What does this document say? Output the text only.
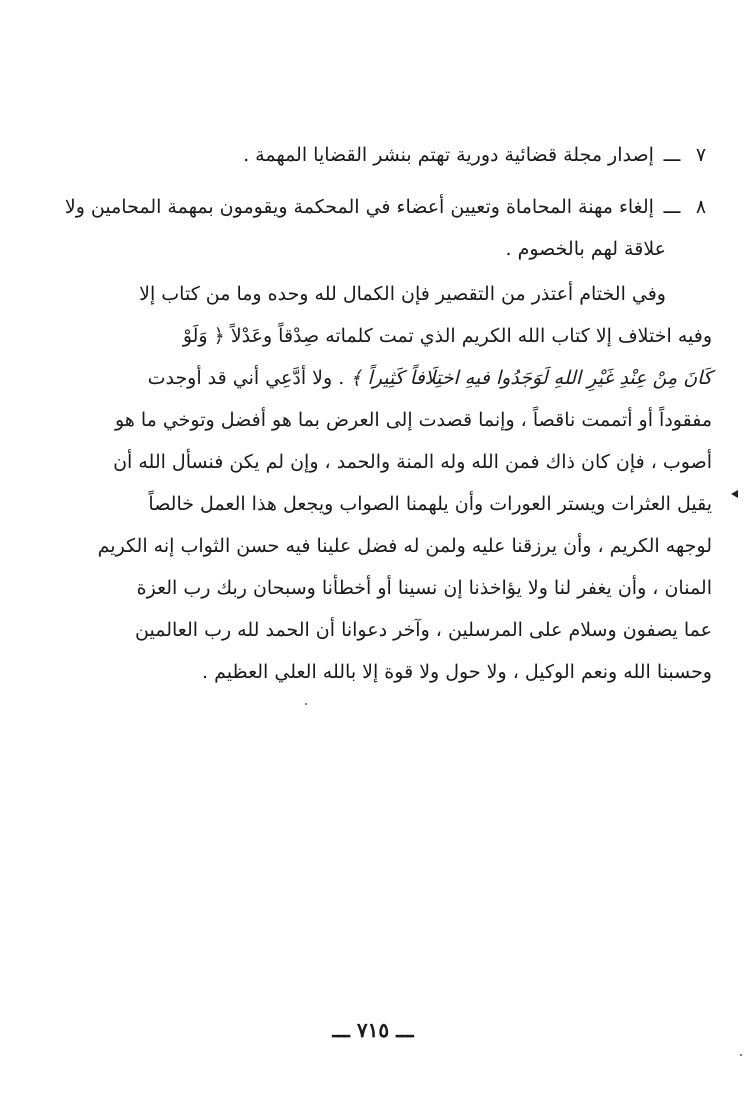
٧ ـــ إصدار مجلة قضائية دورية تهتم بنشر القضايا المهمة .
٨ ـــ إلغاء مهنة المحاماة وتعيين أعضاء في المحكمة ويقومون بمهمة المحامين ولا
علاقة لهم بالخصوم .
وفي الختام أعتذر من التقصير فإن الكمال لله وحده وما من كتاب إلا
وفيه اختلاف إلا كتاب الله الكريم الذي تمت كلماته صِدْقاً وعَدْلاً ﴿ وَلَوْ
كَانَ مِنْ عِنْدِ غَيْرِ اللهِ لَوَجَدُوا فيهِ اختِلَافاً كَثِيراً ﴾ . ولا أدَّعِي أني قد أوجدت
مفقوداً أو أتممت ناقصاً ، وإنما قصدت إلى العرض بما هو أفضل وتوخي ما هو
أصوب ، فإن كان ذاك فمن الله وله المنة والحمد ، وإن لم يكن فنسأل الله أن
يقيل العثرات ويستر العورات وأن يلهمنا الصواب ويجعل هذا العمل خالصاً
لوجهه الكريم ، وأن يرزقنا عليه ولمن له فضل علينا فيه حسن الثواب إنه الكريم
المنان ، وأن يغفر لنا ولا يؤاخذنا إن نسينا أو أخطأنا وسبحان ربك رب العزة
عما يصفون وسلام على المرسلين ، وآخر دعوانا أن الحمد لله رب العالمين
وحسبنا الله ونعم الوكيل ، ولا حول ولا قوة إلا بالله العلي العظيم .
ـــ ٧١٥ ـــ
